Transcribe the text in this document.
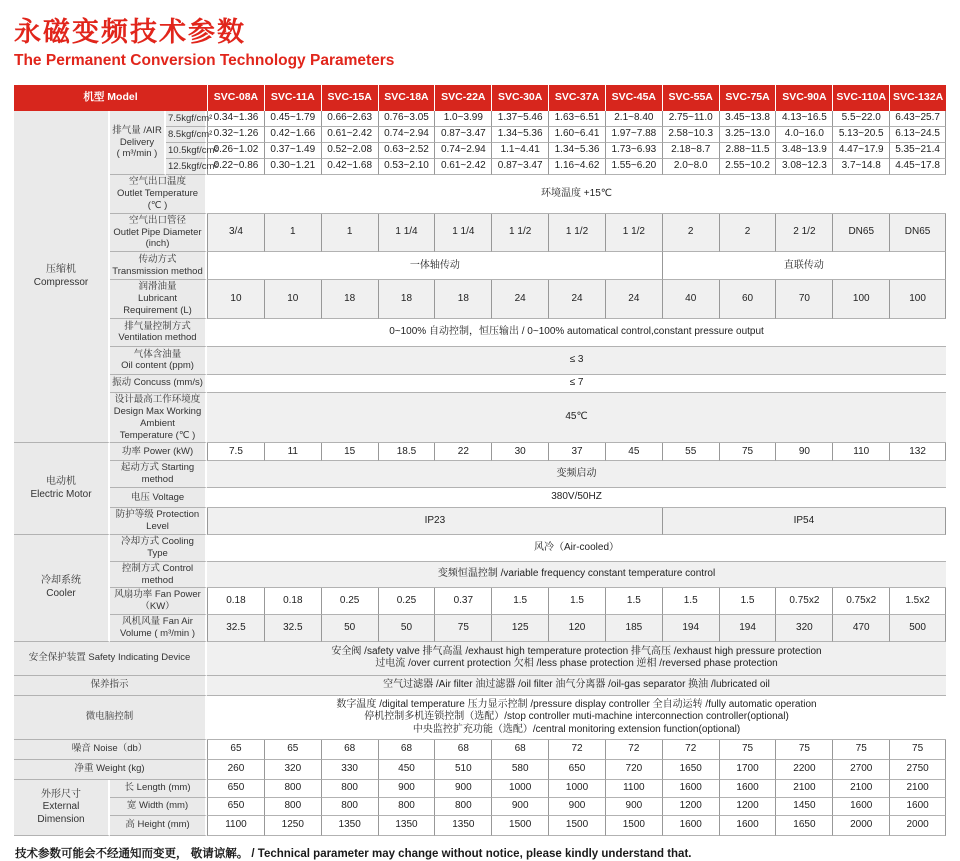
永磁变频技术参数
The Permanent Conversion Technology Parameters
机型 Model			SVC-08A	SVC-11A	SVC-15A	SVC-18A	SVC-22A	SVC-30A	SVC-37A	SVC-45A	SVC-55A	SVC-75A	SVC-90A	SVC-110A	SVC-132A

压缩机
Compressor

排气量 /AIR
Delivery
( m³/min )
	7.5kgf/cm²	0.34~1.36	0.45~1.79	0.66~2.63	0.76~3.05	1.0~3.99	1.37~5.46	1.63~6.51	2.1~8.40	2.75~11.0	3.45~13.8	4.13~16.5	5.5~22.0	6.43~25.7
		8.5kgf/cm²	0.32~1.26	0.42~1.66	0.61~2.42	0.74~2.94	0.87~3.47	1.34~5.36	1.60~6.41	1.97~7.88	2.58~10.3	3.25~13.0	4.0~16.0	5.13~20.5	6.13~24.5
		10.5kgf/cm²	0.26~1.02	0.37~1.49	0.52~2.08	0.63~2.52	0.74~2.94	1.1~4.41	1.34~5.36	1.73~6.93	2.18~8.7	2.88~11.5	3.48~13.9	4.47~17.9	5.35~21.4
		12.5kgf/cm²	0.22~0.86	0.30~1.21	0.42~1.68	0.53~2.10	0.61~2.42	0.87~3.47	1.16~4.62	1.55~6.20	2.0~8.0	2.55~10.2	3.08~12.3	3.7~14.8	4.45~17.8

	空气出口温度
Outlet Temperature (℃ )		环境温度 +15℃												

	空气出口管径
Outlet Pipe Diameter (inch)		3/4	1	1	1 1/4	1 1/4	1 1/2	1 1/2	1 1/2	2	2	2 1/2	DN65	DN65

	传动方式
Transmission method		一体轴传动								直联传动				

	润滑油量
Lubricant Requirement (L)		10	10	18	18	18	24	24	24	40	60	70	100	100

	排气量控制方式
Ventilation method		0~100% 自动控制，恒压输出 / 0~100% automatical control,constant pressure output												

	气体含油量
Oil content (ppm)		≤ 3												

	振动 Concuss (mm/s)		≤ 7												

	设计最高工作环境度
Design Max Working Ambient
Temperature (℃ )		45℃												

电动机
Electric Motor	功率 Power (kW)		7.5	11	15	18.5	22	30	37	45	55	75	90	110	132

	起动方式 Starting method		变频启动												

	电压 Voltage		380V/50HZ												

	防护等级 Protection Level		IP23								IP54				

冷却系统
Cooler	冷却方式 Cooling Type		风冷（Air-cooled）												

	控制方式 Control method		变频恒温控制 /variable frequency constant temperature control												

	风扇功率 Fan Power（KW）		0.18	0.18	0.25	0.25	0.37	1.5	1.5	1.5	1.5	1.5	0.75x2	0.75x2	1.5x2

	风机风量 Fan Air Volume ( m³/min )		32.5	32.5	50	50	75	125	120	185	194	194	320	470	500

安全保护装置 Safety Indicating Device			安全阀 /safety valve 排气高温 /exhaust high temperature protection 排气高压 /exhaust high pressure protection
过电流 /over current protection 欠相 /less phase protection 逆相 /reversed phase protection												

保养指示			空气过滤器 /Air filter 油过滤器 /oil filter 油气分离器 /oil-gas separator 换油 /lubricated oil												

微电脑控制			数字温度 /digital temperature 压力显示控制 /pressure display controller 全自动运转 /fully automatic operation
停机控制多机连锁控制（选配）/stop controller muti-machine interconnection controller(optional)
中央监控扩充功能（选配）/central monitoring extension function(optional)												

噪音 Noise（db）			65	65	68	68	68	68	72	72	72	75	75	75	75

净重 Weight (kg)			260	320	330	450	510	580	650	720	1650	1700	2200	2700	2750

外形尺寸
External
Dimension	长 Length (mm)		650	800	800	900	900	1000	1000	1100	1600	1600	2100	2100	2100

	宽 Width (mm)		650	800	800	800	800	900	900	900	1200	1200	1450	1600	1600

	高 Height (mm)		1100	1250	1350	1350	1350	1500	1500	1500	1600	1600	1650	2000	2000

技术参数可能会不经通知而变更， 敬请谅解。 / Technical parameter may change without notice, please kindly understand that.
